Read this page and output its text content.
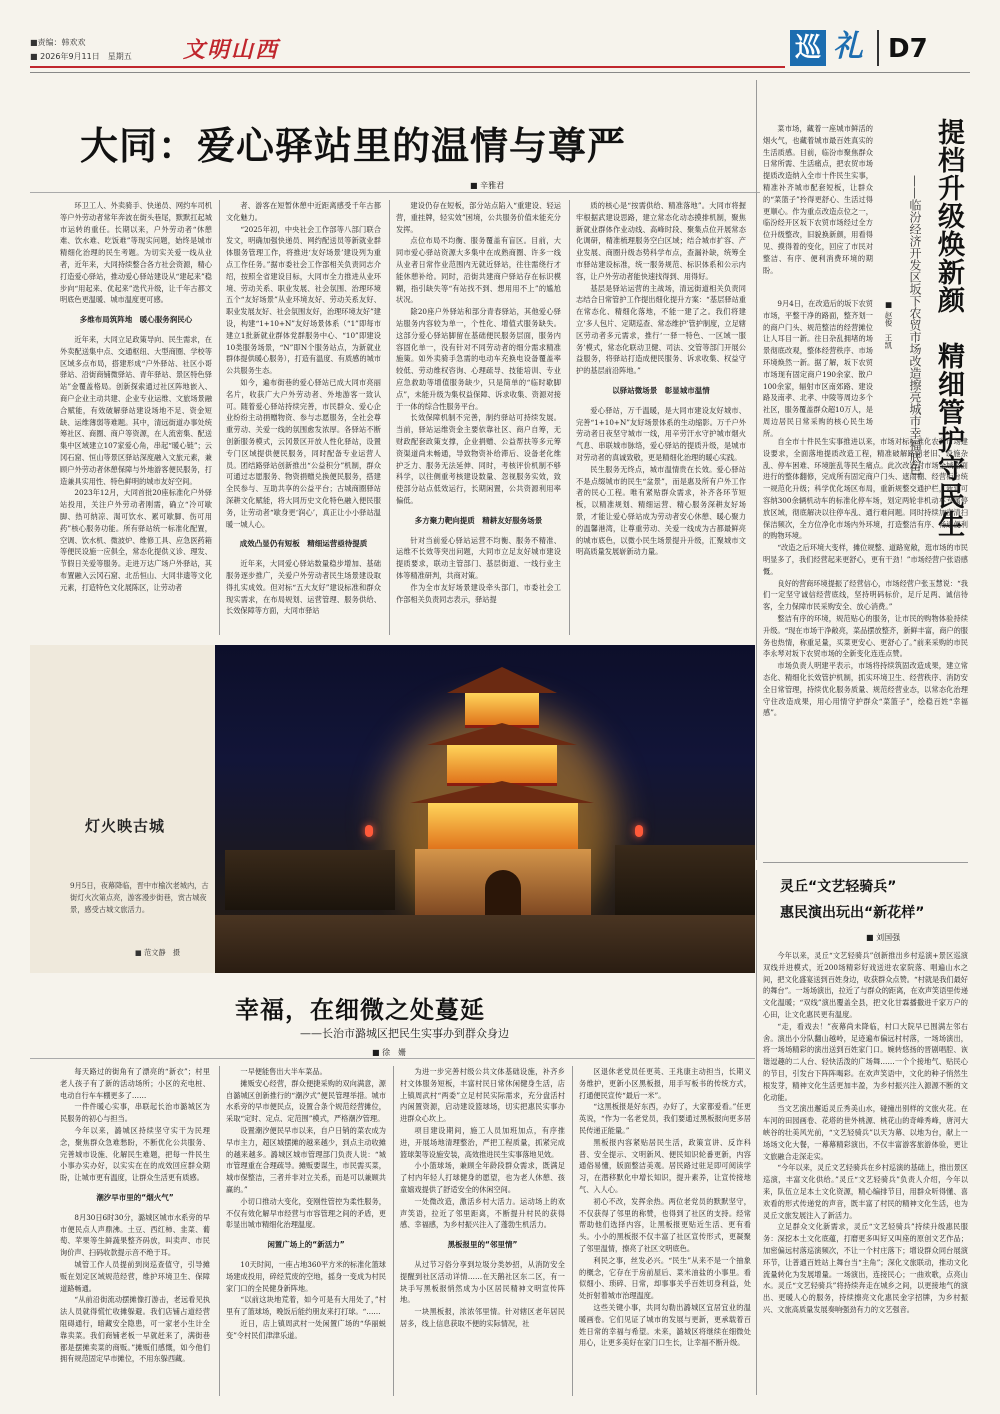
■责编：韩欢欢
■ 2026年9月11日　星期五 文明山西	巡 礼 D7
大同：爱心驿站里的温情与尊严
■ 辛雅君

环卫工人、外卖骑手、快递员、网约车司机等户外劳动者常年奔波在街头巷尾，默默扛起城市运转的重任。长期以来，户外劳动者“休憩难、饮水难、吃饭难”等现实问题，始终是城市精细化治理的民生考题。为切实关爱一线从业者，近年来，大同持续整合各方社会资源，精心打造爱心驿站，推动爱心驿站建设从“建起来”稳步向“用起来、优起来”迭代升级，让千年古都文明底色更温暖、城市温度更可感。

多维布局筑阵地　暖心服务润民心

近年来，大同立足政策导向、民生需求，在外卖配送集中点、交通枢纽、大型商圈、学校等区域多点布局，搭建形成“户外驿站、社区小哥驿站、沿街商铺微驿站、青年驿站、景区特色驿站”金覆盖格局。创新探索通过社区阵地嵌入、商户企业主动共建、企业专业运维、文旅场景融合赋能，有效破解驿站建设场地不足、资金短缺、运维薄弱等难题。其中，清远街道办事处统筹社区、商圈、商户等资源，在人流密集、配送集中区域建立107家爱心角，串起“暖心链”；云冈石窟、恒山等景区驿站深度融入文旅元素，兼顾户外劳动者休憩保障与外地游客便民服务，打造兼具实用性、特色鲜明的城市友好空间。

2023年12月，大同首批20座标准化户外驿站投用，关注户外劳动者刚需，确立“冷可歇脚、热可纳凉、渴可饮水、累可歇脚、伤可用药”核心服务功能。所有驿站统一标准化配置，空调、饮水机、微波炉、维修工具、应急医药箱等便民设施一应俱全，常态化提供义诊、理发、节假日关爱等服务。走进万达广场户外驿站，其布置融入云冈石窟、北岳恒山、大同非遗等文化元素，打造特色文化展陈区，让劳动者

者、游客在短暂休憩中近距离感受千年古都文化魅力。

“2025年初，中央社会工作部等八部门联合发文，明确加强快递员、网约配送员等新就业群体服务管理工作，将推进‘友好场景’建设列为重点工作任务。”据市委社会工作部相关负责同志介绍，按照全省建设目标，大同市全力推进从业环境、劳动关系、职业发展、社会氛围、治理环境五个“友好场景”从业环境友好、劳动关系友好、职业发展友好、社会氛围友好，治理环境友好”建设，构建“1+10+N”友好场景体系（“1”即每市建立1批新就业群体党群服务中心、“10”即建设10类服务场景，“N”即N个服务站点，为新就业群体提供暖心服务），打造有温度、有质感的城市公共服务生态。

如今，遍布街巷的爱心驿站已成大同市亮丽名片，收获广大户外劳动者、外地游客一致认可。随着爱心驿站持续完善，市民群众、爱心企业纷纷主动捐赠物资、参与志愿服务，全社会尊重劳动、关爱一线的氛围愈发浓厚。各驿站不断创新服务模式，云冈景区开放人性化驿站，设置专门区域提供便民服务，同时配备专业运营人员。团结路驿站创新推出“公益积分”机制，群众可通过志愿服务、物资捐赠兑换便民服务，搭建全民参与、互助共享的公益平台；古城商圈驿站深耕文化赋能，将大同历史文化特色融入便民服务，让劳动者“歇身更‘润心’，真正让小小驿站温暖一城人心。

成效凸显仍有短板　精细运营亟待提质

近年来，大同爱心驿站数量稳步增加、基础服务逐步推广，关爱户外劳动者民生场景建设取得扎实成效。但对标“五大友好”建设标准和群众现实需求，在布局规划、运营管理、服务供给、长效保障等方面，大同市驿站

建设仍存在短板，部分站点陷入“重建设、轻运营，重挂牌，轻实效”困境，公共服务价值未能充分发挥。

点位布局不均衡、服务覆盖有盲区。目前，大同市爱心驿站资源大多集中在成熟商圈、许多一线从业者日常作业范围内无就近驿站，往往需绕行才能休憩补给。同时，沿街共建商户驿站存在标识模糊，指引缺失等“有站找不到、想用用不上”的尴尬状况。

除20座户外驿站和部分青春驿站，其他爱心驿站服务内容较为单一，个性化、增值式服务缺失。这部分爱心驿站脚留在基础便民服务层面，服务内容固化单一，没有针对不同劳动者的细分需求精准施策。如外卖骑手急需的电动车充换电设备覆盖率较低、劳动维权咨询、心理疏导、技能培训、专业应急救助等增值服务缺少，只是简单的“临时歇脚点”，未能升级为集权益保障、诉求收集、资源对接于一体的综合性服务平台。

长效保障机制不完善，制约驿站可持续发展。当前，驿站运维资金主要依靠社区、商户自筹，无财政配套政策支撑，企业捐赠、公益帮扶等多元筹资渠道尚未畅通，导致物资补给滞后、设备老化维护乏力、服务无法延伸、同时，考核评价机制不够科学，以往侧重考核建设数量、忽视服务实效，致使部分站点低效运行，长期闲置，公共资源利用率偏低。

多方聚力靶向提质　精耕友好服务场景

针对当前爱心驿站运营不均衡、服务不精准、运维不长效等突出问题，大同市立足友好城市建设提质要求，联动主管部门、基层街道、一线行业主体等精准研判，共商对策。

作为全市友好场景建设牵头部门，市委社会工作部相关负责同志表示，驿站提

质的核心是“按需供给、精准落地”。大同市将握牢根据武建设思路，建立常态化动态摸排机制，聚焦新就业群体作业动线、高峰时段、聚集点位开展常态化调研，精准梳理服务空白区域；结合城市扩容、产业发展、商圈升级态势科学布点，查漏补缺，统筹全市驿站建设标准，统一服务规范、标识体系和公示内容，让户外劳动者能快速找得到、用得好。

基层是驿站运营的主战场，清远街道相关负责同志结合日常管护工作提出细化提升方案：“基层驿站重在常态化、精细化落地，不能一建了之。我们将建立‘多人包片、定期巡查、常态维护’管护制度，立足辖区劳动者多元需求，推行‘一驿一特色、一区域一服务’模式，常态化联动卫健、司法、交管等部门开展公益服务，将驿站打造成便民服务、诉求收集、权益守护的基层前沿阵地。”

以驿站微场景　彰显城市温情

爱心驿站，万千温暖，是大同市建设友好城市、完善“1+10+N”友好场景体系的生动缩影。万千户外劳动者日夜坚守城市一线，用辛劳汗水守护城市烟火气息、串联城市脉络，爱心驿站的提质升级，是城市对劳动者的真诚致敬，更是精细化治理的暖心实践。

民生服务无终点，城市温情贵在长效。爱心驿站不是点缀城市的民生“盆景”，而是惠及所有户外工作者的民心工程。唯有紧贴群众需求，补齐各环节短板，以精准规划、精细运营、精心服务深耕友好场景，才能让爱心驿站成为劳动者安心休憩、暖心聚力的温馨港湾，让尊重劳动、关爱一线成为古都最鲜亮的城市底色，以微小民生场景提升升级，汇聚城市文明高质量发展崭新动力量。

提档升级焕新颜　精细管护守民生
——临汾经济开发区坂下农贸市场改造擦亮城市幸福底色
■ 赵俊　王凯

菜市场，藏着一座城市鲜活的烟火气，也藏着城市最百姓真实的生活质感。目前，临汾市聚焦群众日常所需、生活痛点，把农贸市场提质改造纳入全市十件民生实事，精准补齐城市配套短板，让群众的“菜篮子”拎得更舒心、生活过得更顺心。作为重点改造点位之一，临汾经开区坂下农贸市场经过全方位升级整改，旧貌换新颜，用看得见、摸得着的变化，回应了市民对整洁、有序、便利消费环境的期盼。

9月4日，在改造后的坂下农贸市场，平整干净的路面，整齐划一的商户门头、规范整洁的经营摊位让人耳目一新。往日杂乱拥堵的场景彻底改观，整体经营秩序、市场环境焕然一新。据了解，坂下农贸市场现有固定商户190余家、散户100余家，辐射市区南郊路、建设路及南孝、北孝、中陵等周边多个社区，服务覆盖群众超10万人，是周边居民日常采购的核心民生场所。

自全市十件民生实事推进以来，市场对标标准化农贸市场建设要求，全面落地提质改造工程，精准破解路面老旧、设施杂乱、停车困难、环境脏乱等民生痛点。此次改造对市场全域路面进行的整体翻修，完成所有固定商户门头、遮雨棚、经营柜台统一规范化升级；科学优化场区布局，重新规整交通护栏，新建可容纳300余辆机动车的标准化停车场，划定两轮非机动车专属停放区域，彻底解决以往停车乱、通行难问题。同时持续加密清扫保洁频次，全方位净化市场内外环境，打造整洁有序、畅通便利的购物环境。

“改造之后环境大变样，摊位规整、道路宽敞，逛市场的市民明显多了，我们经营起来更舒心，更有干劲！”市场经营户张语感慨。

良好的营商环境提振了经营信心，市场经营户张玉慧说：“我们一定坚守诚信经营底线，坚持明码标价，足斤足两、诚信待客，全力保障市民采购安全、放心消费。”

整洁有序的环境，规范贴心的服务，让市民的购物体验持续升级。“现在市场干净敞亮，菜品摆放整齐，新鲜丰富，商户的服务也热情，称重足量，买菜更安心、更舒心了。”前来采购的市民李永琴对坂下农贸市场的全新变化连连点赞。

市场负责人明建平表示，市场将持续筑固改造成果，建立常态化、精细化长效管护机制，抓实环境卫生、经营秩序、消防安全日常管理，持续优化服务质量、规范经营业态，以常态化治理守住改造成果，用心用情守护群众“菜篮子”，绘稳百姓“幸福感”。

灯火映古城
9月5日，夜幕降临，晋中市榆次老城内，古街灯火次第点亮，游客漫步街巷，赏古城夜景，感受古城文旅活力。
■ 范文静　摄
灵丘“文艺轻骑兵”
惠民演出玩出“新花样”
■ 刘国强

今年以来，灵丘“文艺轻骑兵”创新推出乡村巡演+景区巡演双线并进模式，近200场精彩好戏送进农家院落、唱遍山水之间，把文化盛宴送到百姓身边，收获群众点赞。“村就是我们最好的舞台”。一场场演出，拉近了与群众的距离，在欢声笑语里传递文化温暖；“双线”演出覆盖全县，把文化甘霖播撒进千家万户的心田，让文化惠民更有温度。

“走，看戏去！”夜幕尚未降临，村口大院早已围满左邻右舍。演出小分队翻山越岭，足迹遍布偏远村村落，一场场演出，将一场场精彩的演出送到百姓家门口。婉转悠扬的晋剧唱腔、诙谐逗趣的二人台、轻快活泼的广场舞……一个个接地气、贴民心的节目，引发台下阵阵喝彩。在欢声笑语中，文化的种子悄然生根发芽，精神文化生活更加丰盈，为乡村振兴注入源源不断的文化动能。

当文艺演出邂逅灵丘秀美山水，碰撞出别样的文旅火花。在车河的田园画卷、花塔的世外桃源、桃花山的奇峰秀峰，唐河大峡谷的壮美风光前，“文艺轻骑兵”以天为幕、以地为台，献上一场场文化大餐，一幕幕精彩演出，不仅丰富游客旅游体验，更让文旅融合走深走实。

“今年以来，灵丘文艺轻骑兵在乡村巡演的基础上，推出景区巡演，丰富文化供给。”灵丘“文艺轻骑兵”负责人介绍，今年以来，队伍立足本土文化资源，精心编排节目，用群众听得懂、喜欢看的形式传递党的声音，既丰富了村民的精神文化生活，也为灵丘文旅发展注入了新活力。

立足群众文化新需求，灵丘“文艺轻骑兵”持续升级惠民服务：深挖本土文化底蕴，打磨更多叫好又叫座的原创文艺作品；加密偏远村落巡演频次，不让一个村庄落下；增设群众同台展演环节，让普通百姓站上舞台当“主角”；深化文旅联动，推动文化流量转化为发展增量。一场演出，连接民心；一曲欢歌，点亮山水。灵丘“文艺轻骑兵”将持续奔走在城乡之间，以更接地气的演出、更暖人心的服务，持续擦亮文化惠民金字招牌，为乡村振兴、文旅高质量发展奏响强劲有力的文艺强音。

幸福，在细微之处蔓延
——长治市潞城区把民生实事办到群众身边
■ 徐　姗

每天路过的街角有了漂亮的“新衣”；村里老人孩子有了新的活动场所；小区的充电桩、电动自行车车棚更多了……

一件件暖心实事，串联起长治市潞城区为民服务的初心与担当。

今年以来，潞城区持续坚守实干为民理念，聚焦群众急难愁盼，不断优化公共服务、完善城市设施、化解民生难题，把每一件民生小事办实办好，以实实在在的成效回应群众期盼，让城市更有温度，让群众生活更有质感。

潮汐早市里的“烟火气”

8月30日6时30分，潞城区城市水系旁的早市便民点人声鼎沸。土豆、西红柿、韭菜、葡萄、苹果等生鲜蔬果整齐码放，叫卖声、市民询价声、扫码收款提示音不绝于耳。

城管工作人员提前到岗巡查值守，引导摊贩在划定区域规范经营，维护环境卫生、保障道路畅通。

“从前沿街流动摆摊像打游击，老远看见执法人员就得慌忙收摊躲避。我们店铺占道经营阻碍通行，暗藏安全隐患，可一家老小生计全靠卖菜。我们商铺老板一早就赶来了，满街巷都是摆摊卖菜的商贩。”摊贩们感慨，如今他们拥有规范固定早市摊位，不用东躲西藏。

一早便能售出大半车菜品。

摊贩安心经营，群众便捷采购的双向满意，源自潞城区创新推行的“潮汐式”便民管理举措。城市水系旁的早市便民点，设置合条个规范经营摊位，采取“定时、定点、定范围”模式，严格潮汐管理。

设置潮汐便民早市以来，自户日销的菜农成为早市主力，超区城摆摊的越来越少，到点主动收摊的越来越多。潞城区城市管理部门负责人说：“城市管理重在合理疏导。摊贩要谋生，市民需买菜，城市保整洁，三者并非对立关系，而是可以兼顾共赢的。”

小切口推动大变化，变刚性管控为柔性服务，不仅有效化解早市经营与市容管理之间的矛盾，更彰显出城市精细化治理温度。

闲置广场上的“新活力”

10天时间，一座占地360平方米的标准化篮球场建成投用，碎经荒废的空地，摇身一变成为村民家门口的全民健身新阵地。

“以前这块地荒着，如今可是有大用处了，”村里有了篮球场，晚饭后能约朋友来打打球。“……

近日，店上镇周武村一处闲置广场的“华丽蜕变”令村民们津津乐道。

为进一步完善村级公共文体基础设施，补齐乡村文体服务短板，丰富村民日常休闲健身生活，店上镇周武村“两委”立足村民实际需求，充分盘活村内闲置资源，启动建设篮球场，切实把惠民实事办进群众心坎上。

项目建设期间，施工人员加班加点，有序推进，开展场地清理整治，严把工程质量，抓紧完成篮球架等设施安装，高效推进民生实事落地见效。

小小篮球场，兼顾全年龄段群众需求，既满足了村内年轻人打球健身的愿望，也为老人休憩、孩童嬉戏提供了舒适安全的休闲空间。

一处微改造，激活乡村大活力。运动场上的欢声笑语，拉近了邻里距离，不断提升村民的获得感、幸福感，为乡村振兴注入了蓬勃生机活力。

黑板报里的“邻里情”

从过节习俗分享到垃圾分类妙招，从消防安全提醒到社区活动详情……在天鹅社区东二区，有一块手写黑板报悄然成为小区居民精神文明宣传阵地。

一块黑板报，浓浓邻里情。针对辖区老年居民居多，线上信息获取不便的实际情况，社

区退休老党员任更英、王兆康主动担当，长期义务维护，更新小区黑板报，用手写板书的传统方式，打通便民宣传“最后一米”。

“这黑板报是好东西，办好了，大家都爱看。”任更英说，“作为一名老党员，我们要通过黑板报向更多居民传递正能量。”

黑板报内容紧贴居民生活，政策宣讲、反诈科普、安全提示、文明新风、便民知识轮番更新，内容通俗易懂，版面整洁美观。居民路过驻足即可阅读学习，在潜移默化中增长知识，提升素养，让宣传接地气、入人心。

初心不改，发挥余热。两位老党员的默默坚守，不仅获得了邻里的称赞，也得到了社区的支持。经常帮助他们选择内容，让黑板报更贴近生活、更有看头。小小的黑板报不仅丰富了社区宣传形式，更凝聚了邻里温情，擦亮了社区文明底色。

利民之事，丝发必兴。“民生”从来不是一个抽象的概念，它存在于房前屋后、菜米油盐的小事里。看似细小、琐碎、日常，却事事关乎百姓切身利益，处处折射着城市治理温度。

这些关键小事，共同勾勒出潞城区宜居宜业的温暖画卷。它们见证了城市的发展与更新，更承载着百姓日常的幸福与希望。未来，潞城区将继续在细微处用心，让更多美好在家门口生长，让幸福不断升级。
